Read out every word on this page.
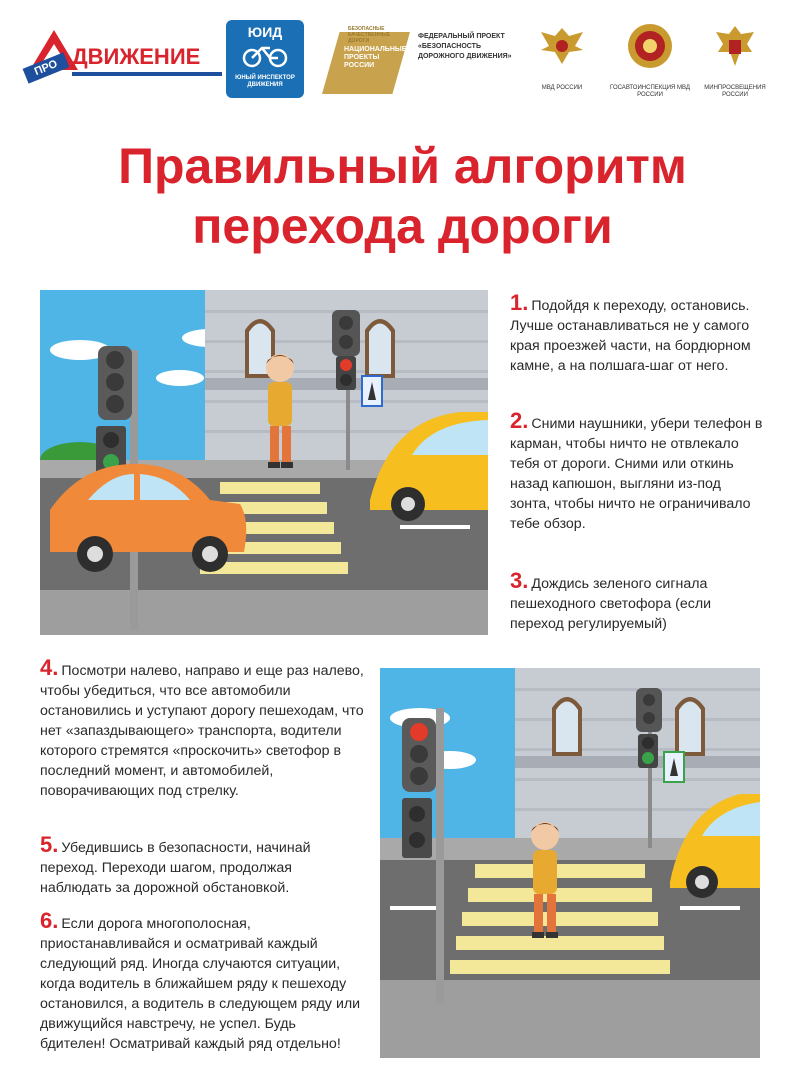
ПРО ДВИЖЕНИЕ
ЮИД
ЮНЫЙ ИНСПЕКТОР ДВИЖЕНИЯ
БЕЗОПАСНЫЕ КАЧЕСТВЕННЫЕ ДОРОГИ
НАЦИОНАЛЬНЫЕ ПРОЕКТЫ РОССИИ
ФЕДЕРАЛЬНЫЙ ПРОЕКТ «БЕЗОПАСНОСТЬ ДОРОЖНОГО ДВИЖЕНИЯ»
МВД РОССИИ	ГОСАВТОИНСПЕКЦИЯ МВД РОССИИ
МИНПРОСВЕЩЕНИЯ РОССИИ
Правильный алгоритм
перехода дороги
1. Подойдя к переходу, остановись. Лучше останавливаться не у самого края проезжей части, на бордюрном камне, а на полшага-шаг от него.
2. Сними наушники, убери телефон в карман, чтобы ничто не отвлекало тебя от дороги. Сними или откинь назад капюшон, выгляни из-под зонта, чтобы ничто не ограничивало тебе обзор.
3. Дождись зеленого сигнала пешеходного светофора (если переход регулируемый)
4. Посмотри налево, направо и еще раз налево, чтобы убедиться, что все автомобили остановились и уступают дорогу пешеходам, что нет «запаздывающего» транспорта, водители которого стремятся «проскочить» светофор в последний момент, и автомобилей, поворачивающих под стрелку.
5. Убедившись в безопасности, начинай переход. Переходи шагом, продолжая наблюдать за дорожной обстановкой.
6. Если дорога многополосная, приостанавливайся и осматривай каждый следующий ряд. Иногда случаются ситуации, когда водитель в ближайшем ряду к пешеходу остановился, а водитель в следующем ряду или движущийся навстречу, не успел. Будь бдителен! Осматривай каждый ряд отдельно!
